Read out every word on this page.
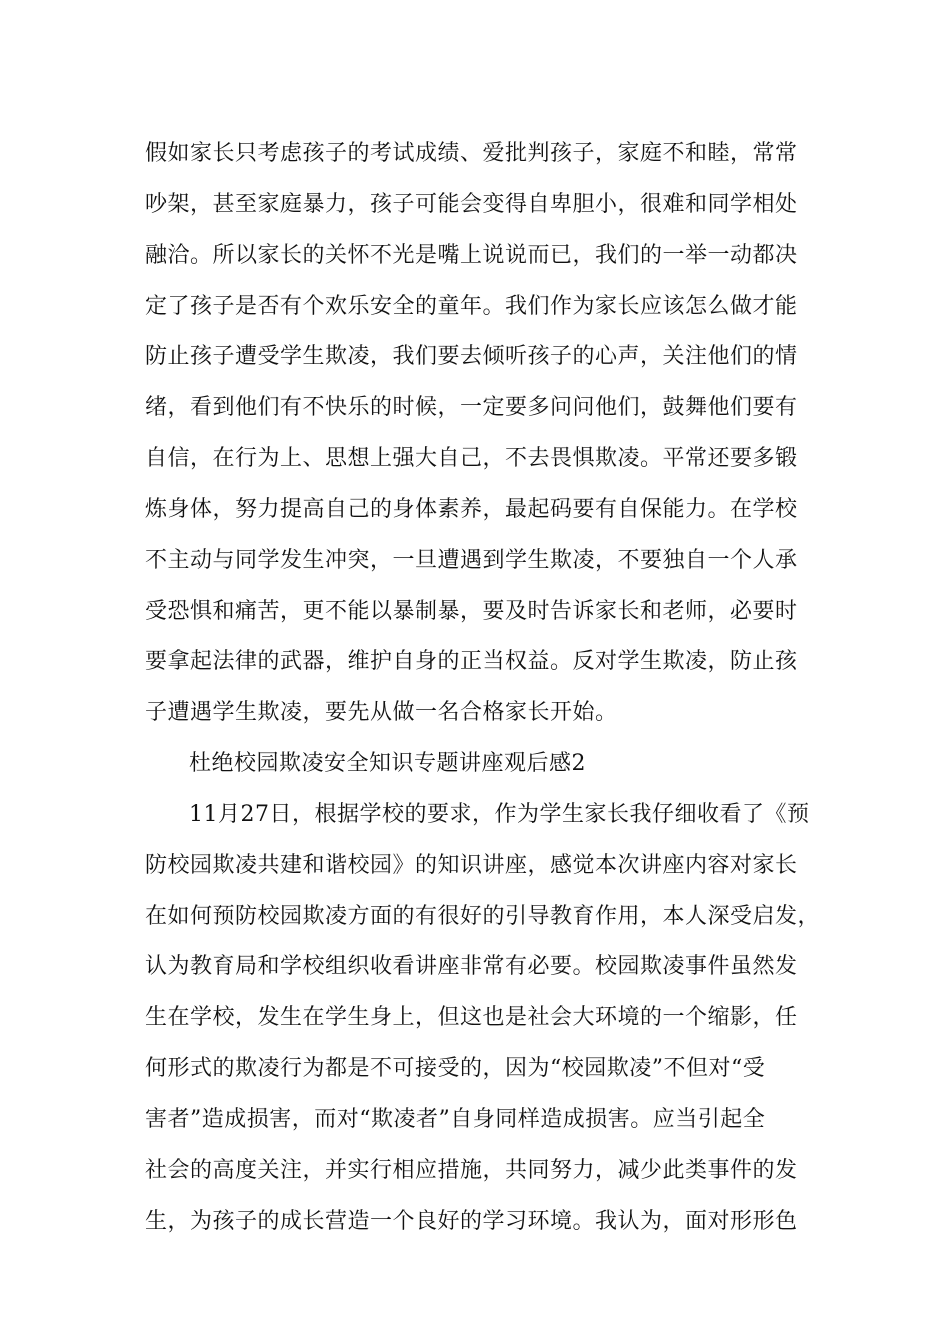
假如家长只考虑孩子的考试成绩、爱批判孩子，家庭不和睦，常常
吵架，甚至家庭暴力，孩子可能会变得自卑胆小，很难和同学相处
融洽。所以家长的关怀不光是嘴上说说而已，我们的一举一动都决
定了孩子是否有个欢乐安全的童年。我们作为家长应该怎么做才能
防止孩子遭受学生欺凌，我们要去倾听孩子的心声，关注他们的情
绪，看到他们有不快乐的时候，一定要多问问他们，鼓舞他们要有
自信，在行为上、思想上强大自己，不去畏惧欺凌。平常还要多锻
炼身体，努力提高自己的身体素养，最起码要有自保能力。在学校
不主动与同学发生冲突，一旦遭遇到学生欺凌，不要独自一个人承
受恐惧和痛苦，更不能以暴制暴，要及时告诉家长和老师，必要时
要拿起法律的武器，维护自身的正当权益。反对学生欺凌，防止孩
子遭遇学生欺凌，要先从做一名合格家长开始。
杜绝校园欺凌安全知识专题讲座观后感2
11月27日，根据学校的要求，作为学生家长我仔细收看了《预
防校园欺凌共建和谐校园》的知识讲座，感觉本次讲座内容对家长
在如何预防校园欺凌方面的有很好的引导教育作用，本人深受启发，
认为教育局和学校组织收看讲座非常有必要。校园欺凌事件虽然发
生在学校，发生在学生身上，但这也是社会大环境的一个缩影，任
何形式的欺凌行为都是不可接受的，因为“校园欺凌”不但对“受
害者”造成损害，而对“欺凌者”自身同样造成损害。应当引起全
社会的高度关注，并实行相应措施，共同努力，减少此类事件的发
生，为孩子的成长营造一个良好的学习环境。我认为，面对形形色
